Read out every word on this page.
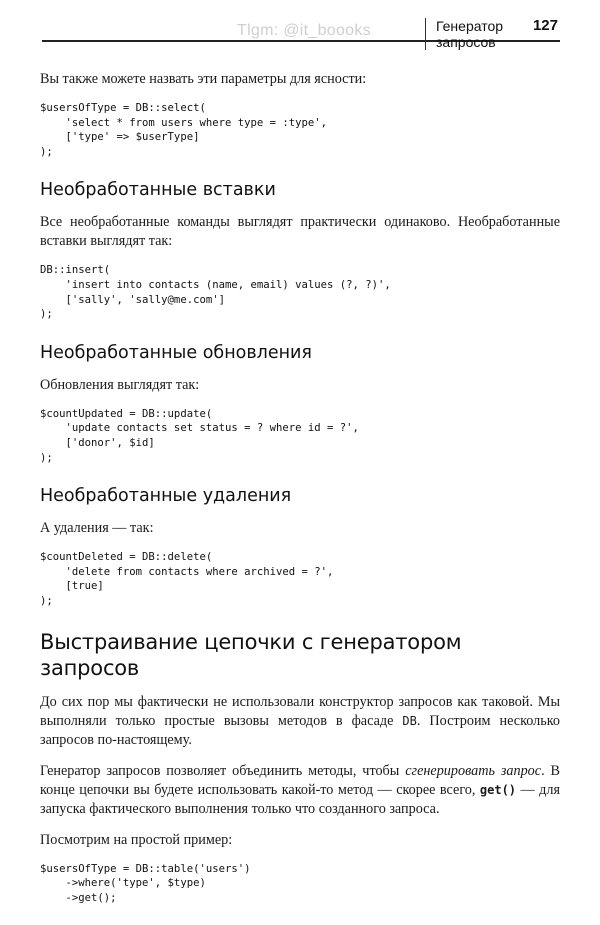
Tlgm: @it_boooks	Генератор запросов
127

Вы также можете назвать эти параметры для ясности:

$usersOfType = DB::select(
'select * from users where type = :type',
['type' => $userType]
);
Необработанные вставки

Все необработанные команды выглядят практически одинаково. Необработанные вставки выглядят так:

DB::insert(
'insert into contacts (name, email) values (?, ?)',
['sally', 'sally@me.com']
);
Необработанные обновления

Обновления выглядят так:

$countUpdated = DB::update(
'update contacts set status = ? where id = ?',
['donor', $id]
);
Необработанные удаления

А удаления — так:

$countDeleted = DB::delete(
'delete from contacts where archived = ?',
[true]
);
Выстраивание цепочки с генератором запросов

До сих пор мы фактически не использовали конструктор запросов как таковой. Мы выполняли только простые вызовы методов в фасаде DB. Построим несколько запросов по-настоящему.

Генератор запросов позволяет объединить методы, чтобы сгенерировать запрос. В конце цепочки вы будете использовать какой-то метод — скорее всего, get() — для запуска фактического выполнения только что созданного запроса.

Посмотрим на простой пример:

$usersOfType = DB::table('users')
->where('type', $type)
->get();
